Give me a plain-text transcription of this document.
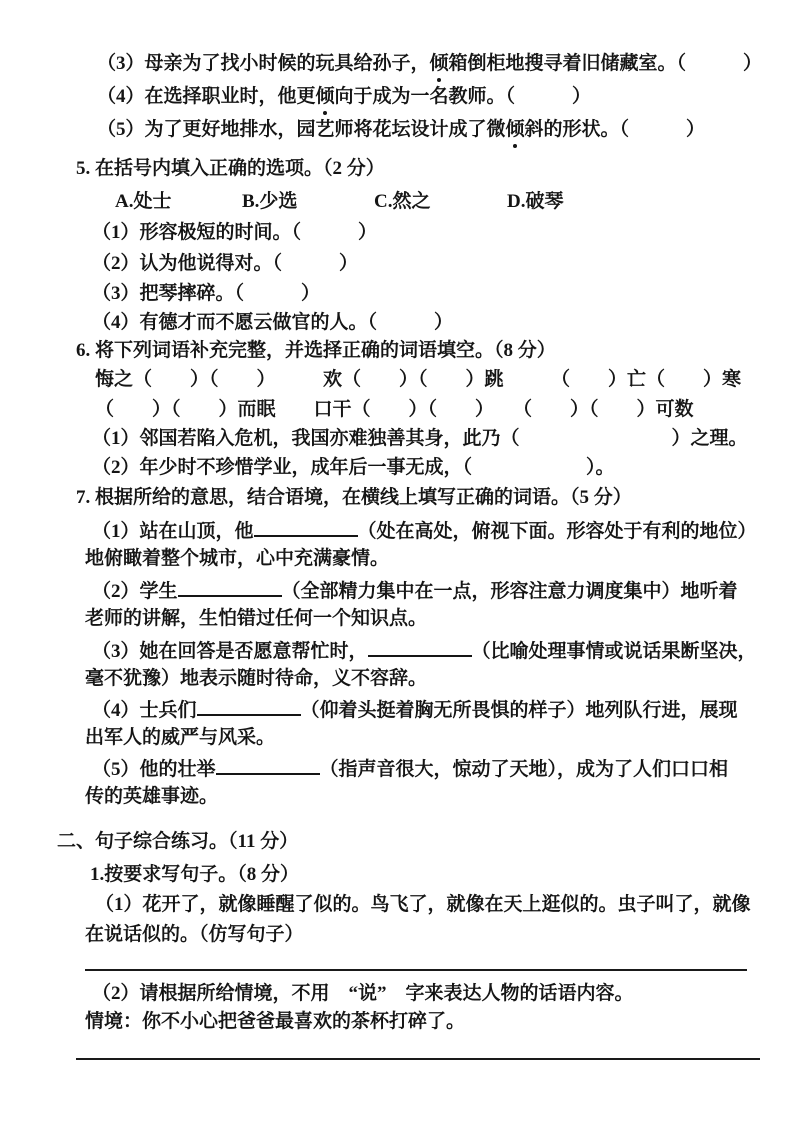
（3）母亲为了找小时候的玩具给孙子，倾箱倒柜地搜寻着旧储藏室。（　　　）
（4）在选择职业时，他更倾向于成为一名教师。（　　　）
（5）为了更好地排水，园艺师将花坛设计成了微倾斜的形状。（　　　）
5. 在括号内填入正确的选项。（2 分）
A.处士	B.少选	C.然之	D.破琴
（1）形容极短的时间。（　　　）
（2）认为他说得对。（　　　）
（3）把琴摔碎。（　　　）
（4）有德才而不愿云做官的人。（　　　）
6. 将下列词语补充完整，并选择正确的词语填空。（8 分）
悔之（　　）（　　）　　　欢（　　）（　　）跳　　　（　　）亡（　　）寒
（　　）（　　）而眠　　口干（　　）（　　）　　（　　）（　　）可数
（1）邻国若陷入危机，我国亦难独善其身，此乃（　　　　　　　　）之理。
（2）年少时不珍惜学业，成年后一事无成，（　　　　　　）。
7. 根据所给的意思，结合语境，在横线上填写正确的词语。（5 分）
（1）站在山顶，他	（处在高处，俯视下面。形容处于有利的地位）
地俯瞰着整个城市，心中充满豪情。
（2）学生	（全部精力集中在一点，形容注意力调度集中）地听着
老师的讲解，生怕错过任何一个知识点。
（3）她在回答是否愿意帮忙时，	（比喻处理事情或说话果断坚决，
毫不犹豫）地表示随时待命，义不容辞。
（4）士兵们	（仰着头挺着胸无所畏惧的样子）地列队行进，展现
出军人的威严与风采。
（5）他的壮举	（指声音很大，惊动了天地），成为了人们口口相
传的英雄事迹。
二、句子综合练习。（11 分）
1.按要求写句子。（8 分）
（1）花开了，就像睡醒了似的。鸟飞了，就像在天上逛似的。虫子叫了，就像
在说话似的。（仿写句子）
（2）请根据所给情境，不用　“说”　字来表达人物的话语内容。
情境：你不小心把爸爸最喜欢的茶杯打碎了。
